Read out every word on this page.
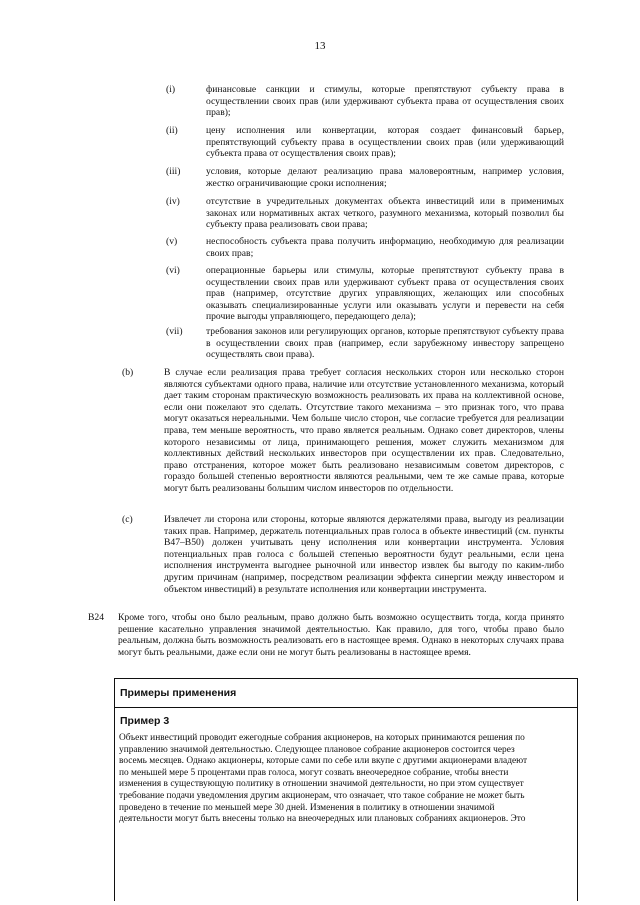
13
(i)	финансовые санкции и стимулы, которые препятствуют субъекту права в осуществлении своих прав (или удерживают субъекта права от осуществления своих прав);
(ii)	цену исполнения или конвертации, которая создает финансовый барьер, препятствующий субъекту права в осуществлении своих прав (или удерживающий субъекта права от осуществления своих прав);
(iii)	условия, которые делают реализацию права маловероятным, например условия, жестко ограничивающие сроки исполнения;
(iv)	отсутствие в учредительных документах объекта инвестиций или в применимых законах или нормативных актах четкого, разумного механизма, который позволил бы субъекту права реализовать свои права;
(v)	неспособность субъекта права получить информацию, необходимую для реализации своих прав;
(vi)	операционные барьеры или стимулы, которые препятствуют субъекту права в осуществлении своих прав или удерживают субъект права от осуществления своих прав (например, отсутствие других управляющих, желающих или способных оказывать специализированные услуги или оказывать услуги и перевести на себя прочие выгоды управляющего, передающего дела);
(vii) требования законов или регулирующих органов, которые препятствуют субъекту права в осуществлении своих прав (например, если зарубежному инвестору запрещено осуществлять свои права).
(b)	В случае если реализация права требует согласия нескольких сторон или несколько сторон являются субъектами одного права, наличие или отсутствие установленного механизма, который дает таким сторонам практическую возможность реализовать их права на коллективной основе, если они пожелают это сделать. Отсутствие такого механизма – это признак того, что права могут оказаться нереальными. Чем больше число сторон, чье согласие требуется для реализации права, тем меньше вероятность, что право является реальным. Однако совет директоров, члены которого независимы от лица, принимающего решения, может служить механизмом для коллективных действий нескольких инвесторов при осуществлении их прав. Следовательно, право отстранения, которое может быть реализовано независимым советом директоров, с гораздо большей степенью вероятности являются реальными, чем те же самые права, которые могут быть реализованы большим числом инвесторов по отдельности.
(c)	Извлечет ли сторона или стороны, которые являются держателями права, выгоду из реализации таких прав. Например, держатель потенциальных прав голоса в объекте инвестиций (см. пункты B47–B50) должен учитывать цену исполнения или конвертации инструмента. Условия потенциальных прав голоса с большей степенью вероятности будут реальными, если цена исполнения инструмента выгоднее рыночной или инвестор извлек бы выгоду по каким-либо другим причинам (например, посредством реализации эффекта синергии между инвестором и объектом инвестиций) в результате исполнения или конвертации инструмента.
B24 Кроме того, чтобы оно было реальным, право должно быть возможно осуществить тогда, когда принято решение касательно управления значимой деятельностью. Как правило, для того, чтобы право было реальным, должна быть возможность реализовать его в настоящее время. Однако в некоторых случаях права могут быть реальными, даже если они не могут быть реализованы в настоящее время.
Примеры применения
Пример 3
Объект инвестиций проводит ежегодные собрания акционеров, на которых принимаются решения по
управлению значимой деятельностью. Следующее плановое собрание акционеров состоится через
восемь месяцев. Однако акционеры, которые сами по себе или вкупе с другими акционерами владеют
по меньшей мере 5 процентами прав голоса, могут созвать внеочередное собрание, чтобы внести
изменения в существующую политику в отношении значимой деятельности, но при этом существует
требование подачи уведомления другим акционерам, что означает, что такое собрание не может быть
проведено в течение по меньшей мере 30 дней. Изменения в политику в отношении значимой
деятельности могут быть внесены только на внеочередных или плановых собраниях акционеров. Это
